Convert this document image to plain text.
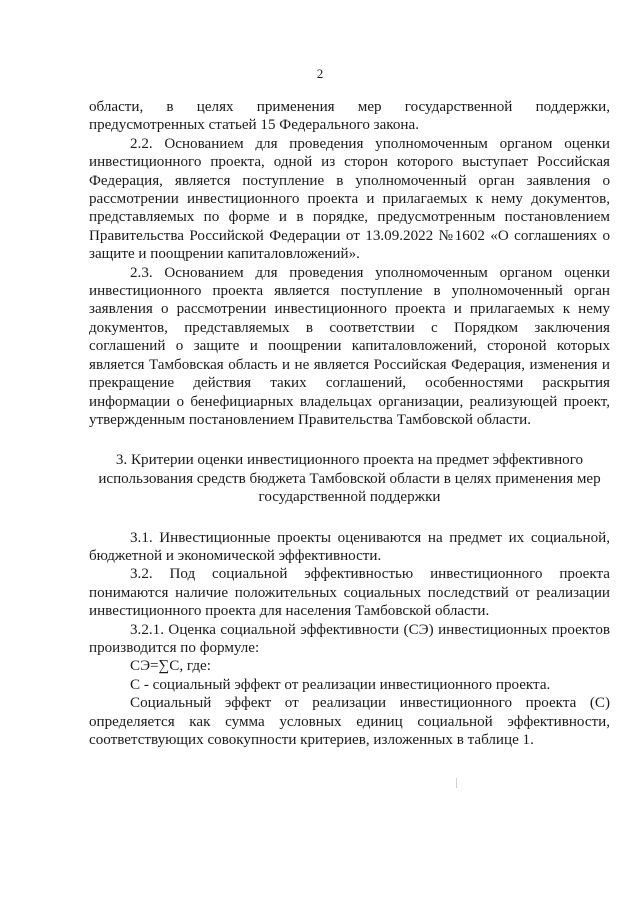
2

области, в целях применения мер государственной поддержки, предусмотренных статьей 15 Федерального закона.

2.2. Основанием для проведения уполномоченным органом оценки инвестиционного проекта, одной из сторон которого выступает Российская Федерация, является поступление в уполномоченный орган заявления о рассмотрении инвестиционного проекта и прилагаемых к нему документов, представляемых по форме и в порядке, предусмотренным постановлением Правительства Российской Федерации от 13.09.2022 №1602 «О соглашениях о защите и поощрении капиталовложений».

2.3. Основанием для проведения уполномоченным органом оценки инвестиционного проекта является поступление в уполномоченный орган заявления о рассмотрении инвестиционного проекта и прилагаемых к нему документов, представляемых в соответствии с Порядком заключения соглашений о защите и поощрении капиталовложений, стороной которых является Тамбовская область и не является Российская Федерация, изменения и прекращение действия таких соглашений, особенностями раскрытия информации о бенефициарных владельцах организации, реализующей проект, утвержденным постановлением Правительства Тамбовской области.

3. Критерии оценки инвестиционного проекта на предмет эффективного использования средств бюджета Тамбовской области в целях применения мер государственной поддержки

3.1. Инвестиционные проекты оцениваются на предмет их социальной, бюджетной и экономической эффективности.

3.2. Под социальной эффективностью инвестиционного проекта понимаются наличие положительных социальных последствий от реализации инвестиционного проекта для населения Тамбовской области.

3.2.1. Оценка социальной эффективности (СЭ) инвестиционных проектов производится по формуле:

СЭ=∑С, где:

С - социальный эффект от реализации инвестиционного проекта.

Социальный эффект от реализации инвестиционного проекта (С) определяется как сумма условных единиц социальной эффективности, соответствующих совокупности критериев, изложенных в таблице 1.
